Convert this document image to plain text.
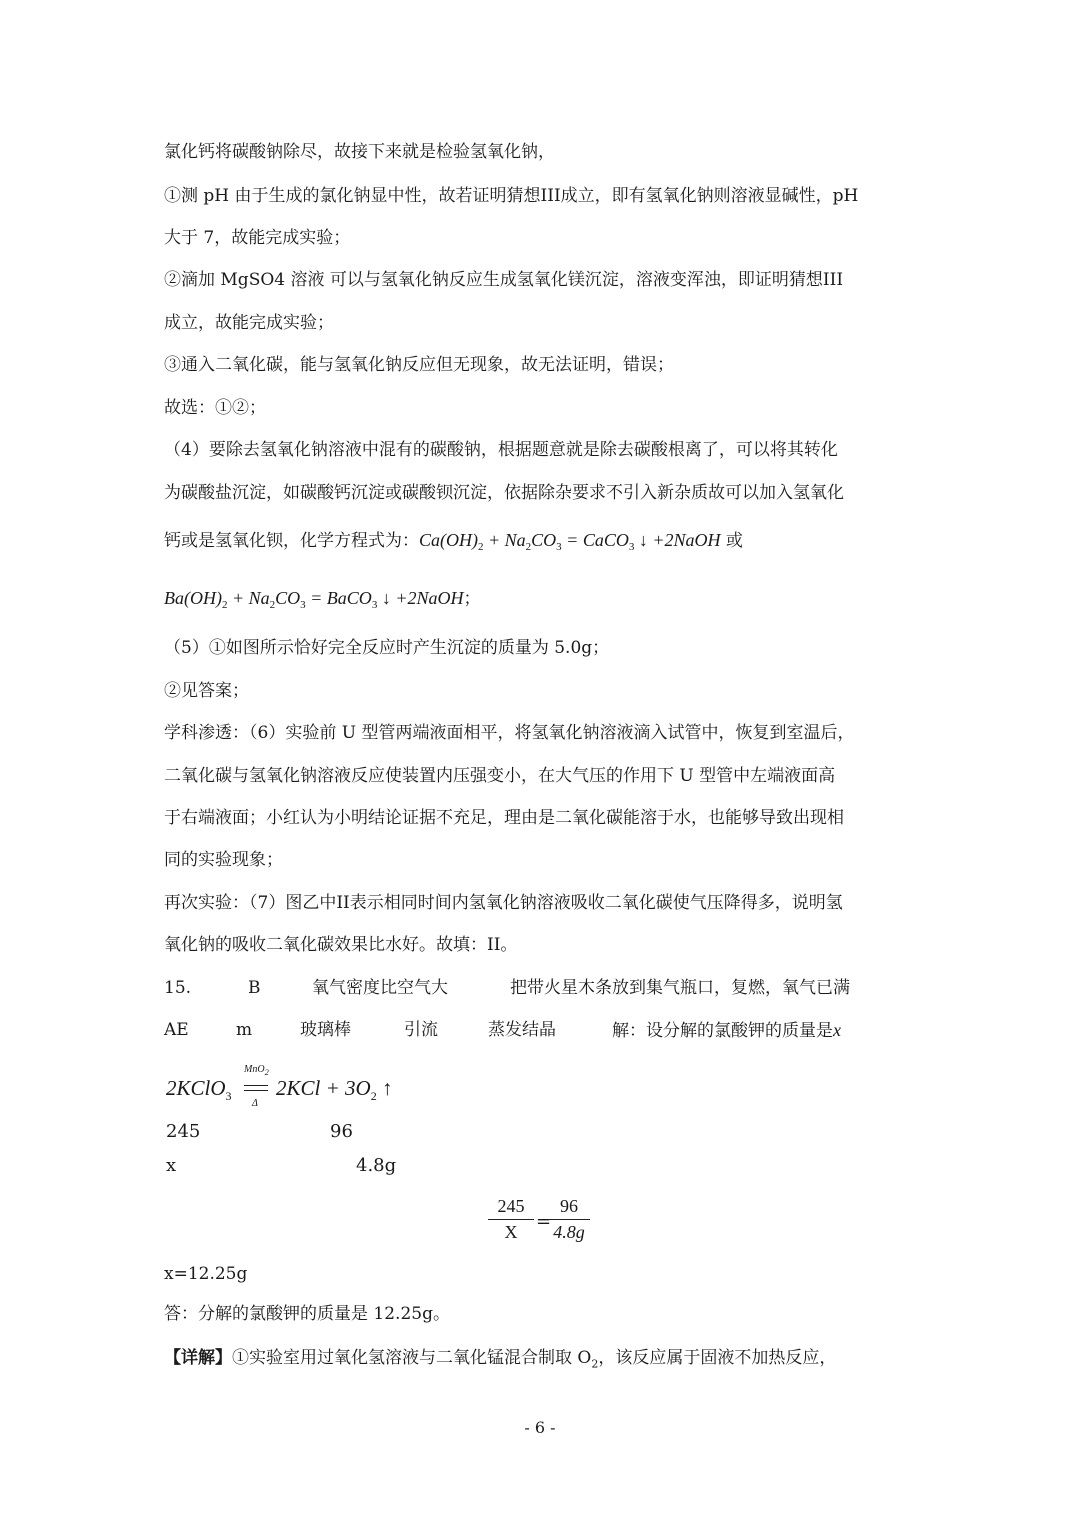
氯化钙将碳酸钠除尽，故接下来就是检验氢氧化钠，
①测 pH 由于生成的氯化钠显中性，故若证明猜想III成立，即有氢氧化钠则溶液显碱性，pH
大于 7，故能完成实验；
②滴加 MgSO4 溶液 可以与氢氧化钠反应生成氢氧化镁沉淀，溶液变浑浊，即证明猜想III
成立，故能完成实验；
③通入二氧化碳，能与氢氧化钠反应但无现象，故无法证明，错误；
故选：①②；
（4）要除去氢氧化钠溶液中混有的碳酸钠，根据题意就是除去碳酸根离了，可以将其转化
为碳酸盐沉淀，如碳酸钙沉淀或碳酸钡沉淀，依据除杂要求不引入新杂质故可以加入氢氧化
钙或是氢氧化钡，化学方程式为：$Ca(OH)_2 + Na_2CO_3$ = CaCO$_3$ ↓ +2NaOH 或
$Ba(OH)_2 + Na_2CO_3$ = BaCO$_3$ ↓ +2NaOH；
（5）①如图所示恰好完全反应时产生沉淀的质量为 5.0g；
②见答案；
学科渗透：（6）实验前 U 型管两端液面相平，将氢氧化钠溶液滴入试管中，恢复到室温后，
二氧化碳与氢氧化钠溶液反应使装置内压强变小，在大气压的作用下 U 型管中左端液面高
于右端液面；小红认为小明结论证据不充足，理由是二氧化碳能溶于水，也能够导致出现相
同的实验现象；
再次实验：（7）图乙中II表示相同时间内氢氧化钠溶液吸收二氧化碳使气压降得多，说明氢
氧化钠的吸收二氧化碳效果比水好。故填：II。
15.	B	氧气密度比空气大	把带火星木条放到集气瓶口，复燃，氧气已满
AE	m	玻璃棒	引流	蒸发结晶	解：设分解的氯酸钾的质量是x
2KClO$_3$
MnO$_2$
Δ
$2KCl + 3O_2$ ↑
245	96
x	4.8g
$\frac{245}{X}$ =
$\frac{96}{4.8g}$
x=12.25g
答：分解的氯酸钾的质量是 12.25g。
【详解】①实验室用过氧化氢溶液与二氧化锰混合制取 $O_2$，该反应属于固液不加热反应，
- 6 -
